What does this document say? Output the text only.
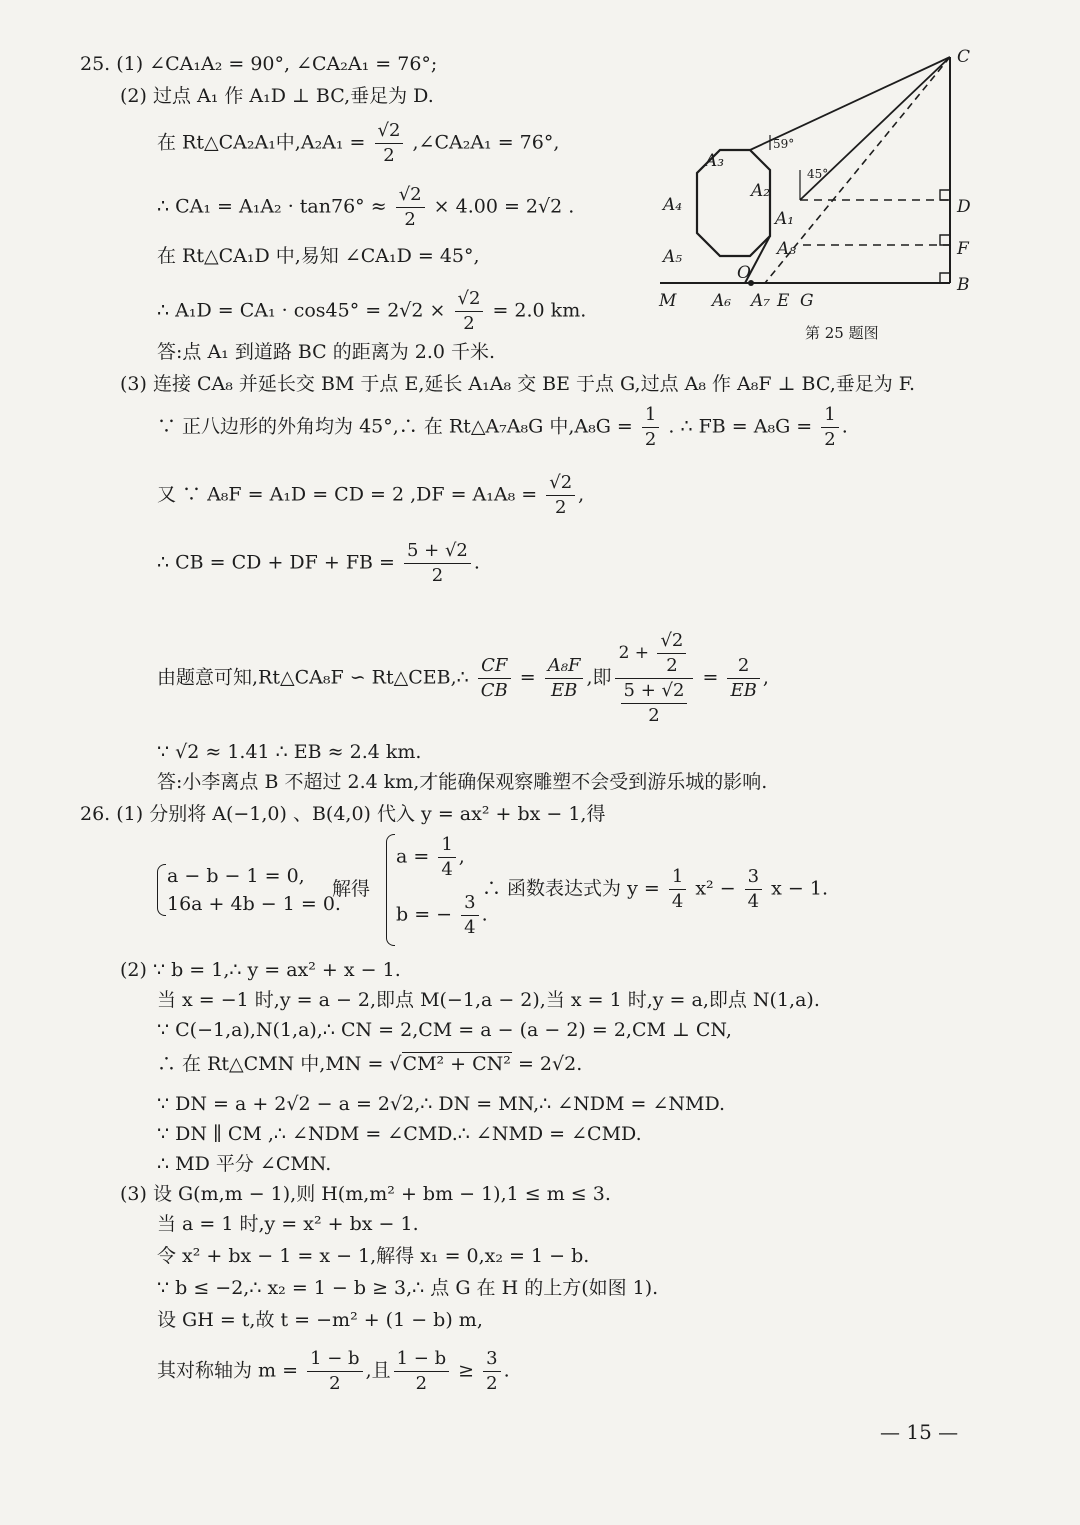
25. (1) ∠CA₁A₂ = 90°, ∠CA₂A₁ = 76°;
(2) 过点 A₁ 作 A₁D ⊥ BC,垂足为 D.
在 Rt△CA₂A₁中$,A_2A_1 = \frac{√2}{2}$ ,∠CA₂A₁ = 76°,
∴ $CA_1 = A_1A_2 \cdot \tan 76^\circ \approx \frac{√2}{2} \times 4.00 = 2√2$ .
在 Rt△CA₁D 中,易知 ∠CA₁D = 45°,
∴ $A_1D = CA_1 \cdot \cos 45^\circ = 2√2 \times \frac{√2}{2} = 2.0$ km.
答:点 A₁ 到道路 BC 的距离为 2.0 千米.
(3) 连接 CA₈ 并延长交 BM 于点 E,延长 A₁A₈ 交 BE 于点 G,过点 A₈ 作 A₈F ⊥ BC,垂足为 F.
∵ 正八边形的外角均为 45°,∴ 在 Rt△A₇A₈G 中$,A_8G = \frac{1}{2}$ . ∴ FB = $A_8G = \frac{1}{2}$ .
又 ∵ A₈F = A₁D = CD = 2 $,DF = A_1A_8 = \frac{√2}{2}$ ,
∴ CB = CD + DF + FB = $\frac{5 + √2}{2}$ .
由题意可知,Rt△CA₈F ∽ Rt△CEB,∴ $\frac{CF}{CB} = \frac{\text{A₈F}}{EB}$ ,即 $\frac{2 + \frac{√2}{2}}{\frac{5 + √2}{2}} = \frac{2}{EB}$ ,
∵ √2 ≈ 1.41 ∴ EB ≈ 2.4 km.
答:小李离点 B 不超过 2.4 km,才能确保观察雕塑不会受到游乐城的影响.
26. (1) 分别将 A(−1,0) 、B(4,0) 代入 y = ax² + bx − 1,得
a − b − 1 = 0,
16a + 4b − 1 = 0.
解得
$a = \frac{1}{4}$ ,
b = − $\frac{3}{4}$ .
∴ 函数表达式为 $y = \frac{1}{4} x^2 - \frac{3}{4}$ x − 1.
(2) ∵ b = 1,∴ y = ax² + x − 1.
当 x = −1 时,y = a − 2,即点 M(−1,a − 2),当 x = 1 时,y = a,即点 N(1,a).
∵ C(−1,a),N(1,a),∴ CN = 2,CM = a − (a − 2) = 2,CM ⊥ CN,
∴ 在 Rt△CMN 中,MN = √CM² + CN² = 2√2.
∵ DN = a + 2√2 − a = 2√2,∴ DN = MN,∴ ∠NDM = ∠NMD.
∵ DN ∥ CM ,∴ ∠NDM = ∠CMD.∴ ∠NMD = ∠CMD.
∴ MD 平分 ∠CMN.
(3) 设 G(m,m − 1),则 H(m,m² + bm − 1),1 ≤ m ≤ 3.
当 a = 1 时,y = x² + bx − 1.
令 x² + bx − 1 = x − 1,解得 x₁ = 0,x₂ = 1 − b.
∵ b ≤ −2,∴ x₂ = 1 − b ≥ 3,∴ 点 G 在 H 的上方(如图 1).
设 GH = t,故 t = −m² + (1 − b) m,
其对称轴为 $m = \frac{1 - b}{2}$ ,且 $\frac{1 - b}{2} \ge \frac{3}{2}$ .
— 15 —
C
D
F
B
M
O
A₆ A₇ E G
A₃
A₄
A₅
A₂
A₁
A₈
59°
45°
第 25 题图
